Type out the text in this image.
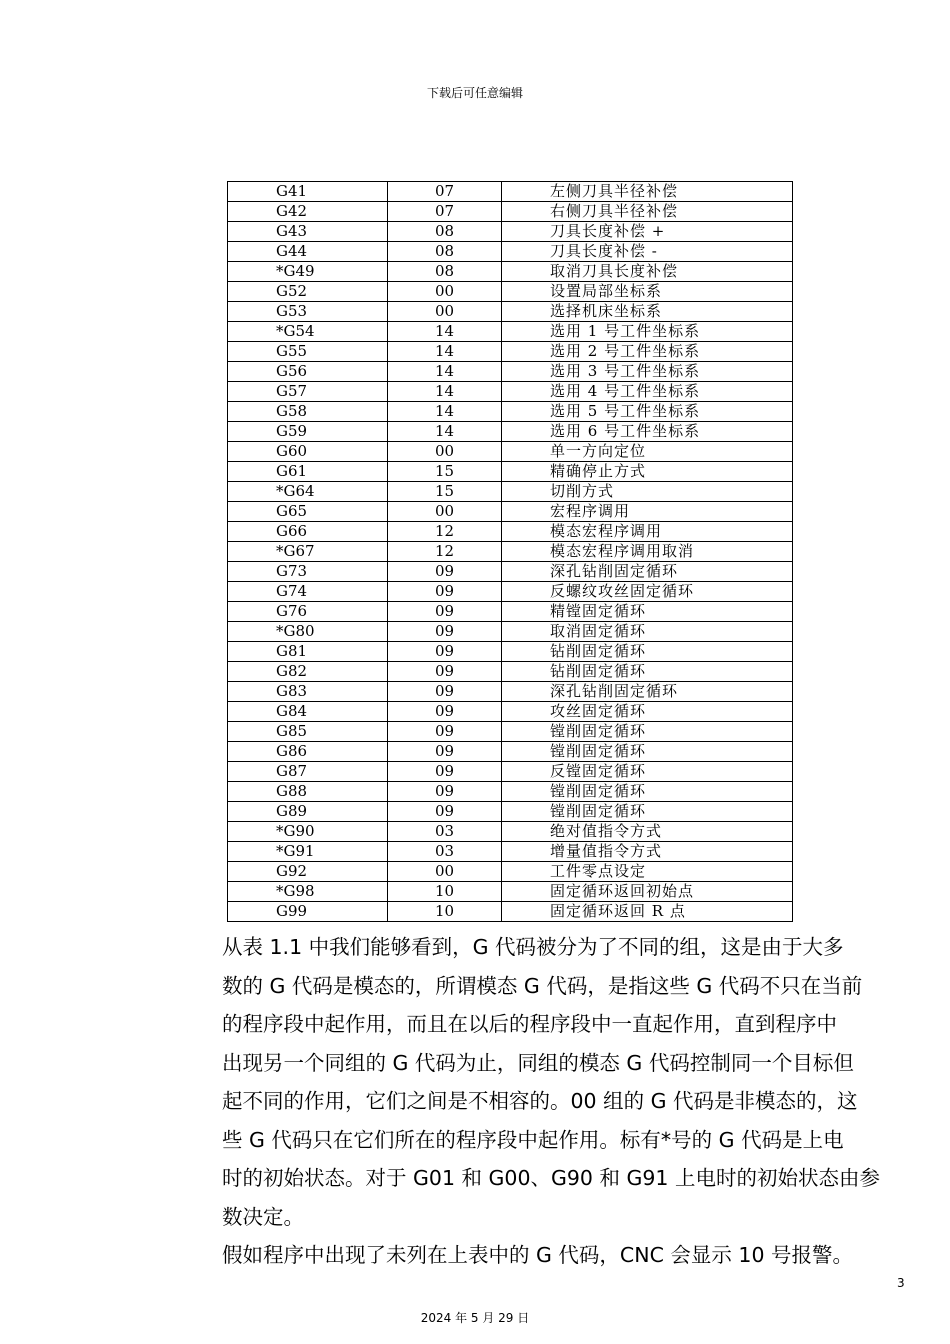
下载后可任意编辑
G41	07	左侧刀具半径补偿
G42	07	右侧刀具半径补偿
G43	08	刀具长度补偿 +
G44	08	刀具长度补偿 -
*G49	08	取消刀具长度补偿
G52	00	设置局部坐标系
G53	00	选择机床坐标系
*G54	14	选用 1 号工件坐标系
G55	14	选用 2 号工件坐标系
G56	14	选用 3 号工件坐标系
G57	14	选用 4 号工件坐标系
G58	14	选用 5 号工件坐标系
G59	14	选用 6 号工件坐标系
G60	00	单一方向定位
G61	15	精确停止方式
*G64	15	切削方式
G65	00	宏程序调用
G66	12	模态宏程序调用
*G67	12	模态宏程序调用取消
G73	09	深孔钻削固定循环
G74	09	反螺纹攻丝固定循环
G76	09	精镗固定循环
*G80	09	取消固定循环
G81	09	钻削固定循环
G82	09	钻削固定循环
G83	09	深孔钻削固定循环
G84	09	攻丝固定循环
G85	09	镗削固定循环
G86	09	镗削固定循环
G87	09	反镗固定循环
G88	09	镗削固定循环
G89	09	镗削固定循环
*G90	03	绝对值指令方式
*G91	03	增量值指令方式
G92	00	工件零点设定
*G98	10	固定循环返回初始点
G99	10	固定循环返回 R 点

从表 1.1 中我们能够看到，G 代码被分为了不同的组，这是由于大多

数的 G 代码是模态的，所谓模态 G 代码，是指这些 G 代码不只在当前

的程序段中起作用，而且在以后的程序段中一直起作用，直到程序中

出现另一个同组的 G 代码为止，同组的模态 G 代码控制同一个目标但

起不同的作用，它们之间是不相容的。00 组的 G 代码是非模态的，这

些 G 代码只在它们所在的程序段中起作用。标有*号的 G 代码是上电

时的初始状态。对于 G01 和 G00、G90 和 G91 上电时的初始状态由参

数决定。

假如程序中出现了未列在上表中的 G 代码，CNC 会显示 10 号报警。

3
2024 年 5 月 29 日
